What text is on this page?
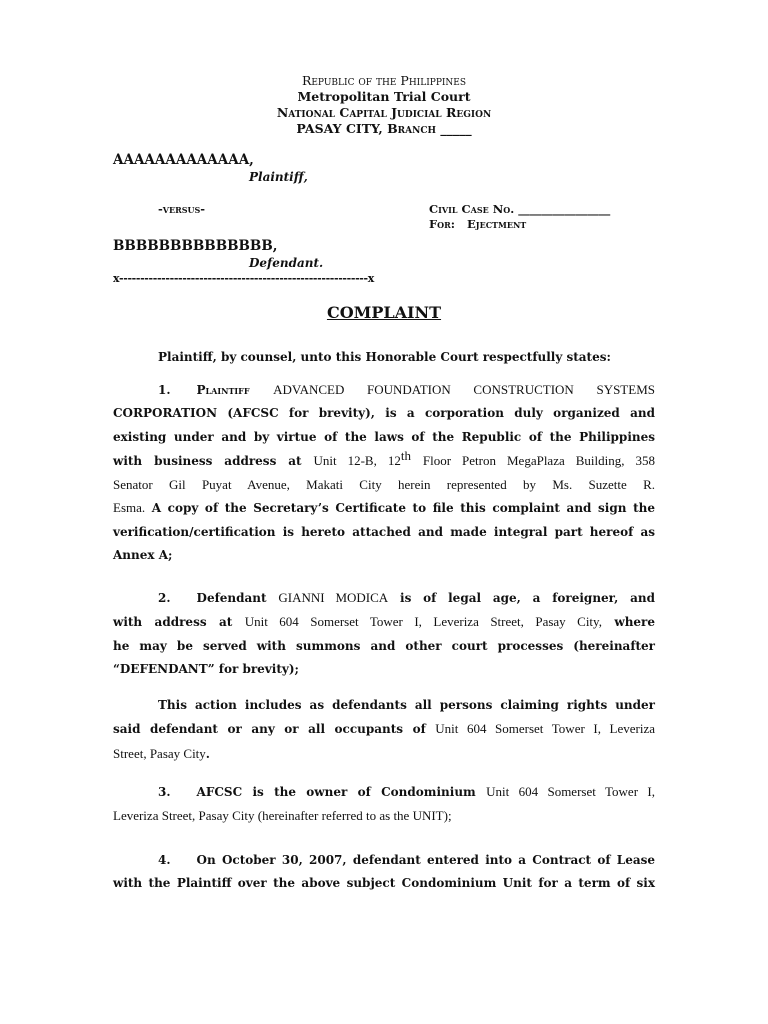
Republic of the Philippines
Metropolitan Trial Court
National Capital Judicial Region
PASAY CITY, Branch _____
AAAAAAAAAAAAA,
Plaintiff,
-versus-	Civil Case No. ________________
For: Ejectment
BBBBBBBBBBBBBB,
Defendant.
x-----------------------------------------------------------x
COMPLAINT
Plaintiff, by counsel, unto this Honorable Court respectfully states:
1. Plaintiff ADVANCED FOUNDATION CONSTRUCTION SYSTEMS
CORPORATION (AFCSC for brevity), is a corporation duly organized and
existing under and by virtue of the laws of the Republic of the Philippines
with business address at Unit 12-B, 12th Floor Petron MegaPlaza Building, 358
Senator Gil Puyat Avenue, Makati City herein represented by Ms. Suzette R.
Esma. A copy of the Secretary’s Certificate to file this complaint and sign the
verification/certification is hereto attached and made integral part hereof as
Annex A;
2. Defendant GIANNI MODICA is of legal age, a foreigner, and
with address at Unit 604 Somerset Tower I, Leveriza Street, Pasay City, where
he may be served with summons and other court processes (hereinafter
“DEFENDANT” for brevity);
This action includes as defendants all persons claiming rights under
said defendant or any or all occupants of Unit 604 Somerset Tower I, Leveriza
Street, Pasay City.
3. AFCSC is the owner of Condominium Unit 604 Somerset Tower I,
Leveriza Street, Pasay City (hereinafter referred to as the UNIT);
4. On October 30, 2007, defendant entered into a Contract of Lease
with the Plaintiff over the above subject Condominium Unit for a term of six
